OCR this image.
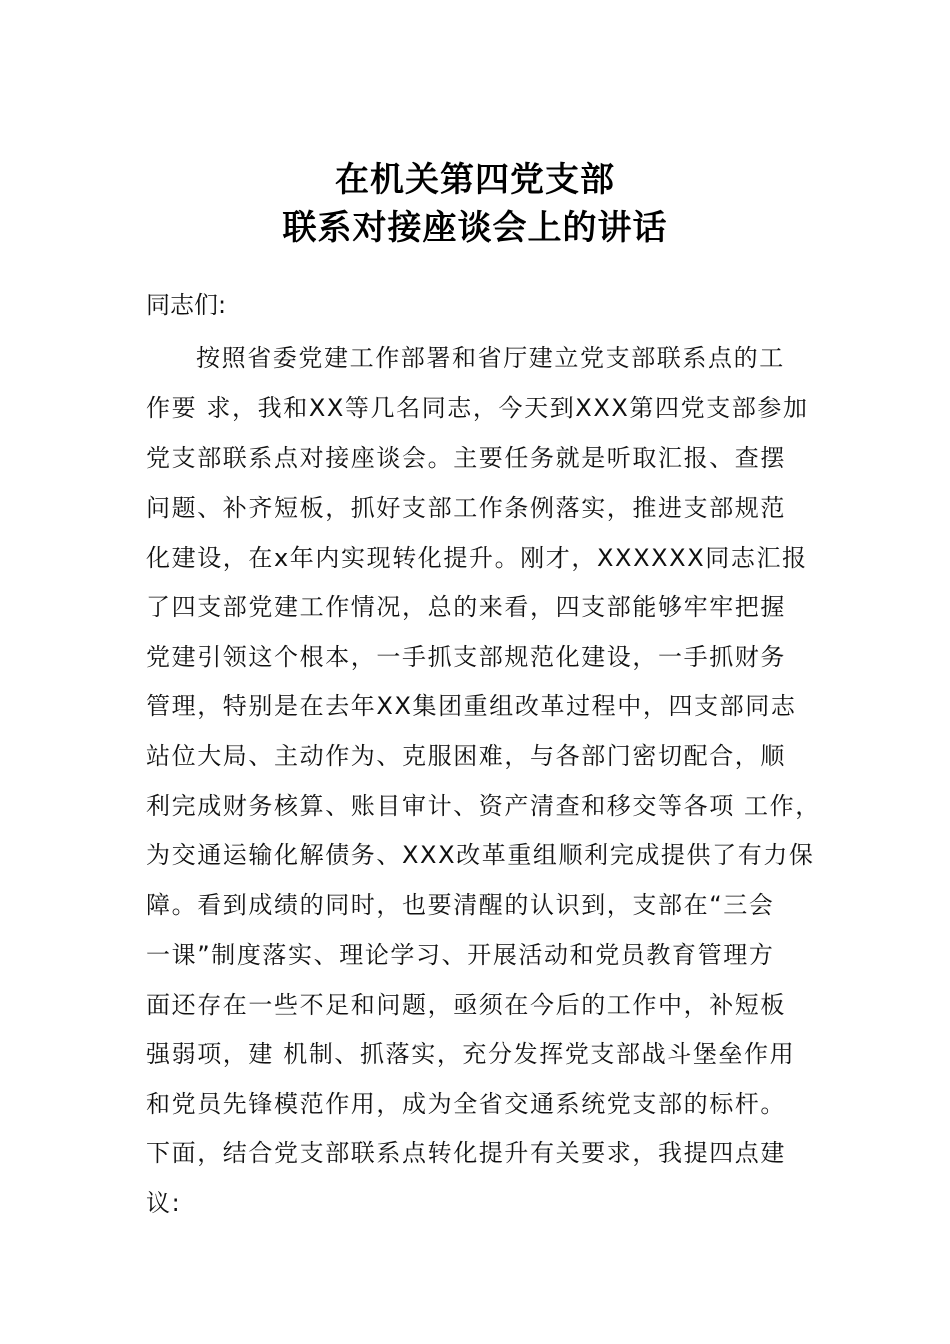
在机关第四党支部
联系对接座谈会上的讲话
同志们:
按照省委党建工作部署和省厅建立党支部联系点的工
作要 求，我和XX等几名同志，今天到XXX第四党支部参加
党支部联系点对接座谈会。主要任务就是听取汇报、查摆
问题、补齐短板，抓好支部工作条例落实，推进支部规范
化建设，在x年内实现转化提升。刚才，XXXXXX同志汇报
了四支部党建工作情况，总的来看，四支部能够牢牢把握
党建引领这个根本，一手抓支部规范化建设，一手抓财务
管理，特别是在去年XX集团重组改革过程中，四支部同志
站位大局、主动作为、克服困难，与各部门密切配合，顺
利完成财务核算、账目审计、资产清查和移交等各项 工作，
为交通运输化解债务、XXX改革重组顺利完成提供了有力保
障。看到成绩的同时，也要清醒的认识到，支部在“三会
一课”制度落实、理论学习、开展活动和党员教育管理方
面还存在一些不足和问题，亟须在今后的工作中，补短板
强弱项，建 机制、抓落实，充分发挥党支部战斗堡垒作用
和党员先锋模范作用，成为全省交通系统党支部的标杆。
下面，结合党支部联系点转化提升有关要求，我提四点建
议:
